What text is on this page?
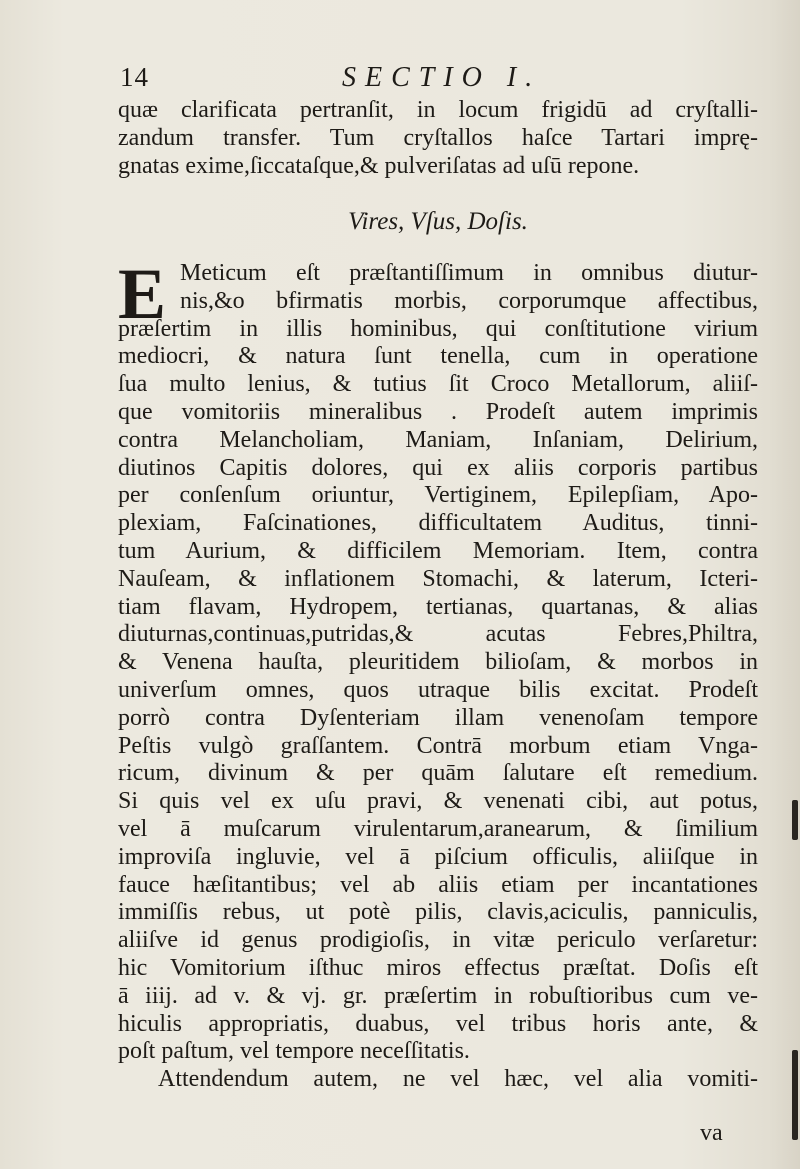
14	SECTIO I.
quæ clarificata pertranſit, in locum frigidū ad cryſtalli-
zandum transfer. Tum cryſtallos haſce Tartari imprę-
gnatas exime,ſiccataſque,& pulveriſatas ad uſū repone.
Vires, Vſus, Doſis.
E Meticum eſt præſtantiſſimum in omnibus diutur-
nis,&o bfirmatis morbis, corporumque affectibus,
præſertim in illis hominibus, qui conſtitutione virium
mediocri, & natura ſunt tenella, cum in operatione
ſua multo lenius, & tutius ſit Croco Metallorum, aliiſ-
que vomitoriis mineralibus . Prodeſt autem imprimis
contra Melancholiam, Maniam, Inſaniam, Delirium,
diutinos Capitis dolores, qui ex aliis corporis partibus
per conſenſum oriuntur, Vertiginem, Epilepſiam, Apo-
plexiam, Faſcinationes, difficultatem Auditus, tinni-
tum Aurium, & difficilem Memoriam. Item, contra
Nauſeam, & inflationem Stomachi, & laterum, Icteri-
tiam flavam, Hydropem, tertianas, quartanas, & alias
diuturnas,continuas,putridas,& acutas Febres,Philtra,
& Venena hauſta, pleuritidem bilioſam, & morbos in
univerſum omnes, quos utraque bilis excitat. Prodeſt
porrò contra Dyſenteriam illam venenoſam tempore
Peſtis vulgò graſſantem. Contrā morbum etiam Vnga-
ricum, divinum & per quām ſalutare eſt remedium.
Si quis vel ex uſu pravi, & venenati cibi, aut potus,
vel ā muſcarum virulentarum,aranearum, & ſimilium
improviſa ingluvie, vel ā piſcium officulis, aliiſque in
fauce hæſitantibus; vel ab aliis etiam per incantationes
immiſſis rebus, ut potè pilis, clavis,aciculis, panniculis,
aliiſve id genus prodigioſis, in vitæ periculo verſaretur:
hic Vomitorium iſthuc miros effectus præſtat. Doſis eſt
ā iiij. ad v. & vj. gr. præſertim in robuſtioribus cum ve-
hiculis appropriatis, duabus, vel tribus horis ante, &
poſt paſtum, vel tempore neceſſitatis.
Attendendum autem, ne vel hæc, vel alia vomiti-
va
